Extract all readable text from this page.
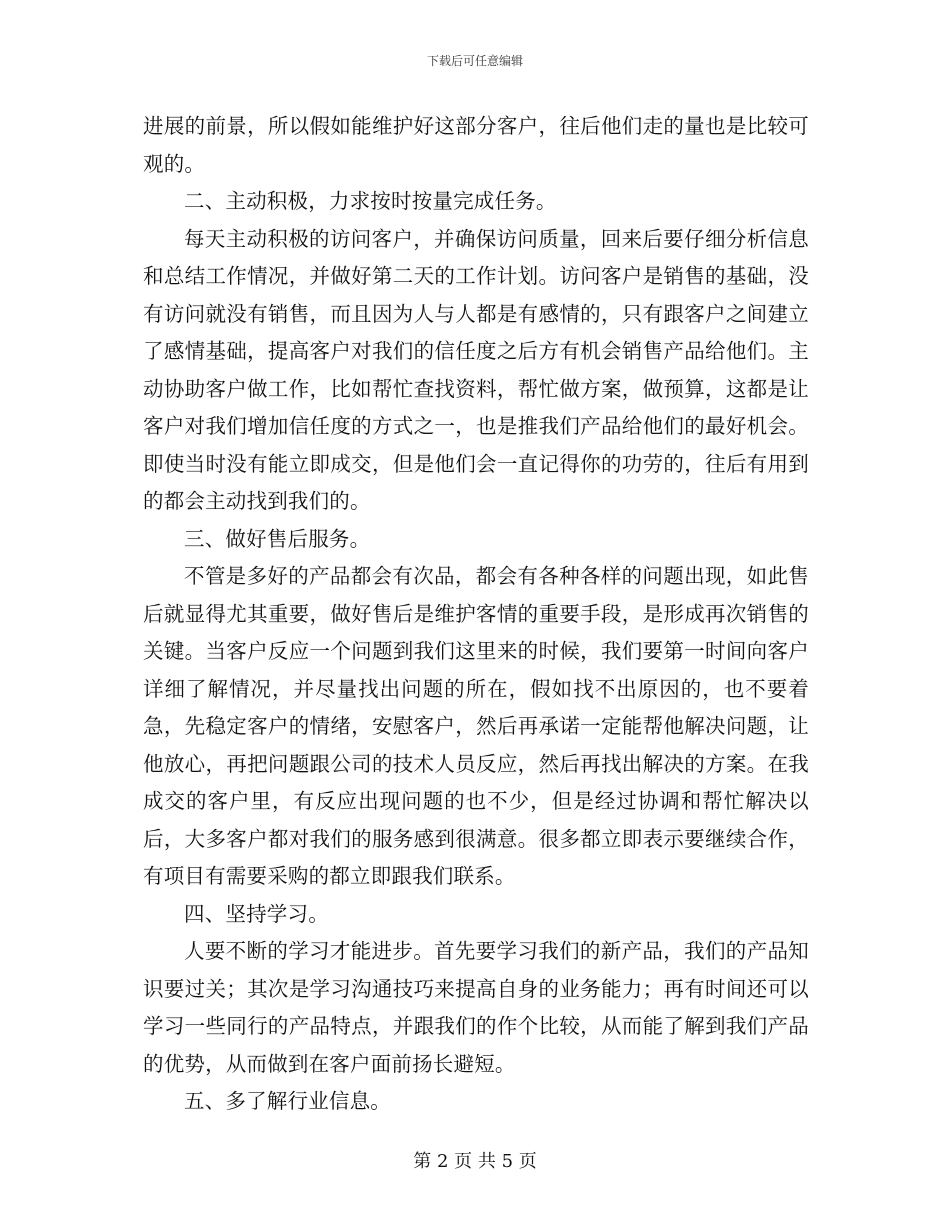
下载后可任意编辑

进展的前景，所以假如能维护好这部分客户，往后他们走的量也是比较可观的。

二、主动积极，力求按时按量完成任务。

每天主动积极的访问客户，并确保访问质量，回来后要仔细分析信息和总结工作情况，并做好第二天的工作计划。访问客户是销售的基础，没有访问就没有销售，而且因为人与人都是有感情的，只有跟客户之间建立了感情基础，提高客户对我们的信任度之后方有机会销售产品给他们。主动协助客户做工作，比如帮忙查找资料，帮忙做方案，做预算，这都是让客户对我们增加信任度的方式之一，也是推我们产品给他们的最好机会。即使当时没有能立即成交，但是他们会一直记得你的功劳的，往后有用到的都会主动找到我们的。

三、做好售后服务。

不管是多好的产品都会有次品，都会有各种各样的问题出现，如此售后就显得尤其重要，做好售后是维护客情的重要手段，是形成再次销售的关键。当客户反应一个问题到我们这里来的时候，我们要第一时间向客户详细了解情况，并尽量找出问题的所在，假如找不出原因的，也不要着急，先稳定客户的情绪，安慰客户，然后再承诺一定能帮他解决问题，让他放心，再把问题跟公司的技术人员反应，然后再找出解决的方案。在我成交的客户里，有反应出现问题的也不少，但是经过协调和帮忙解决以后，大多客户都对我们的服务感到很满意。很多都立即表示要继续合作，有项目有需要采购的都立即跟我们联系。

四、坚持学习。

人要不断的学习才能进步。首先要学习我们的新产品，我们的产品知识要过关；其次是学习沟通技巧来提高自身的业务能力；再有时间还可以学习一些同行的产品特点，并跟我们的作个比较，从而能了解到我们产品的优势，从而做到在客户面前扬长避短。

五、多了解行业信息。

第 2 页 共 5 页
